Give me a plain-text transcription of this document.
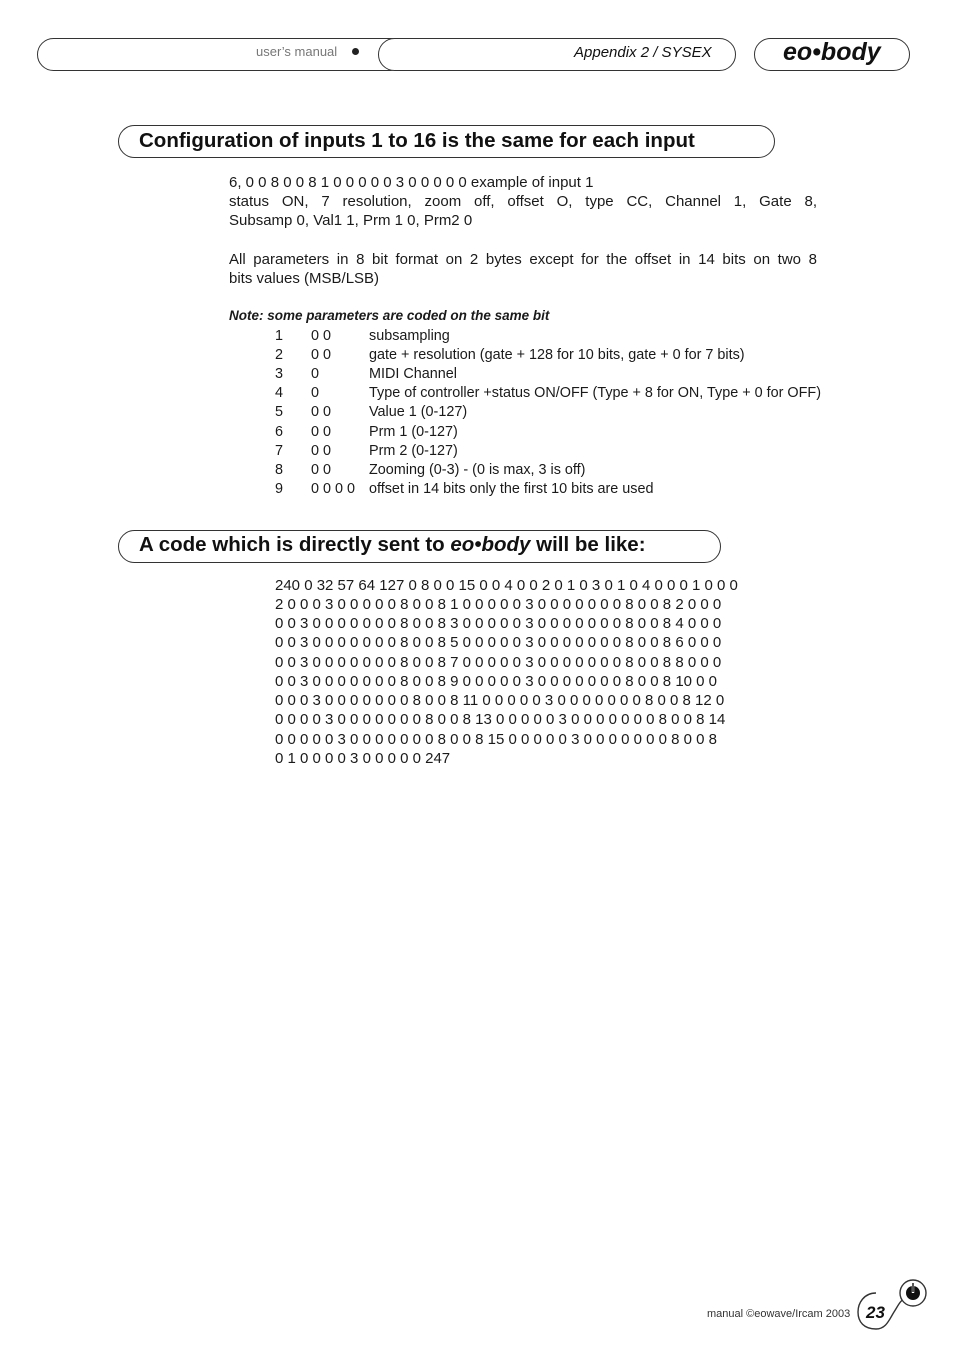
user’s manual	Appendix 2 / SYSEX	eo•body
Configuration of inputs 1 to 16 is the same for each input
6, 0 0 8 0 0 8 1 0 0 0 0 0 3 0 0 0 0 0 example of input 1
status ON, 7 resolution, zoom off, offset O, type CC, Channel 1, Gate 8,
Subsamp 0, Val1 1, Prm 1 0, Prm2 0
All parameters in 8 bit format on 2 bytes except for the offset in 14 bits on two 8
bits values (MSB/LSB)
Note: some parameters are coded on the same bit
1 0 0	subsampling
2 0 0	gate + resolution (gate + 128 for 10 bits, gate + 0 for 7 bits)
3 0	MIDI Channel
4 0	Type of controller +status ON/OFF (Type + 8 for ON, Type + 0 for OFF)
5 0 0	Value 1 (0-127)
6 0 0	Prm 1 (0-127)
7 0 0	Prm 2 (0-127)
8 0 0	Zooming (0-3) - (0 is max, 3 is off)
9 0 0 0 0 offset in 14 bits only the first 10 bits are used
A code which is directly sent to eo•body will be like:
240 0 32 57 64 127 0 8 0 0 15 0 0 4 0 0 2 0 1 0 3 0 1 0 4 0 0 0 1 0 0 0
2 0 0 0 3 0 0 0 0 0 8 0 0 8 1 0 0 0 0 0 3 0 0 0 0 0 0 0 8 0 0 8 2 0 0 0
0 0 3 0 0 0 0 0 0 0 8 0 0 8 3 0 0 0 0 0 3 0 0 0 0 0 0 0 8 0 0 8 4 0 0 0
0 0 3 0 0 0 0 0 0 0 8 0 0 8 5 0 0 0 0 0 3 0 0 0 0 0 0 0 8 0 0 8 6 0 0 0
0 0 3 0 0 0 0 0 0 0 8 0 0 8 7 0 0 0 0 0 3 0 0 0 0 0 0 0 8 0 0 8 8 0 0 0
0 0 3 0 0 0 0 0 0 0 8 0 0 8 9 0 0 0 0 0 3 0 0 0 0 0 0 0 8 0 0 8 10 0 0
0 0 0 3 0 0 0 0 0 0 0 8 0 0 8 11 0 0 0 0 0 3 0 0 0 0 0 0 0 8 0 0 8 12 0
0 0 0 0 3 0 0 0 0 0 0 0 8 0 0 8 13 0 0 0 0 0 3 0 0 0 0 0 0 0 8 0 0 8 14
0 0 0 0 0 3 0 0 0 0 0 0 0 8 0 0 8 15 0 0 0 0 0 3 0 0 0 0 0 0 0 8 0 0 8
0 1 0 0 0 0 3 0 0 0 0 0 247
manual ©eowave/Ircam 2003 23
